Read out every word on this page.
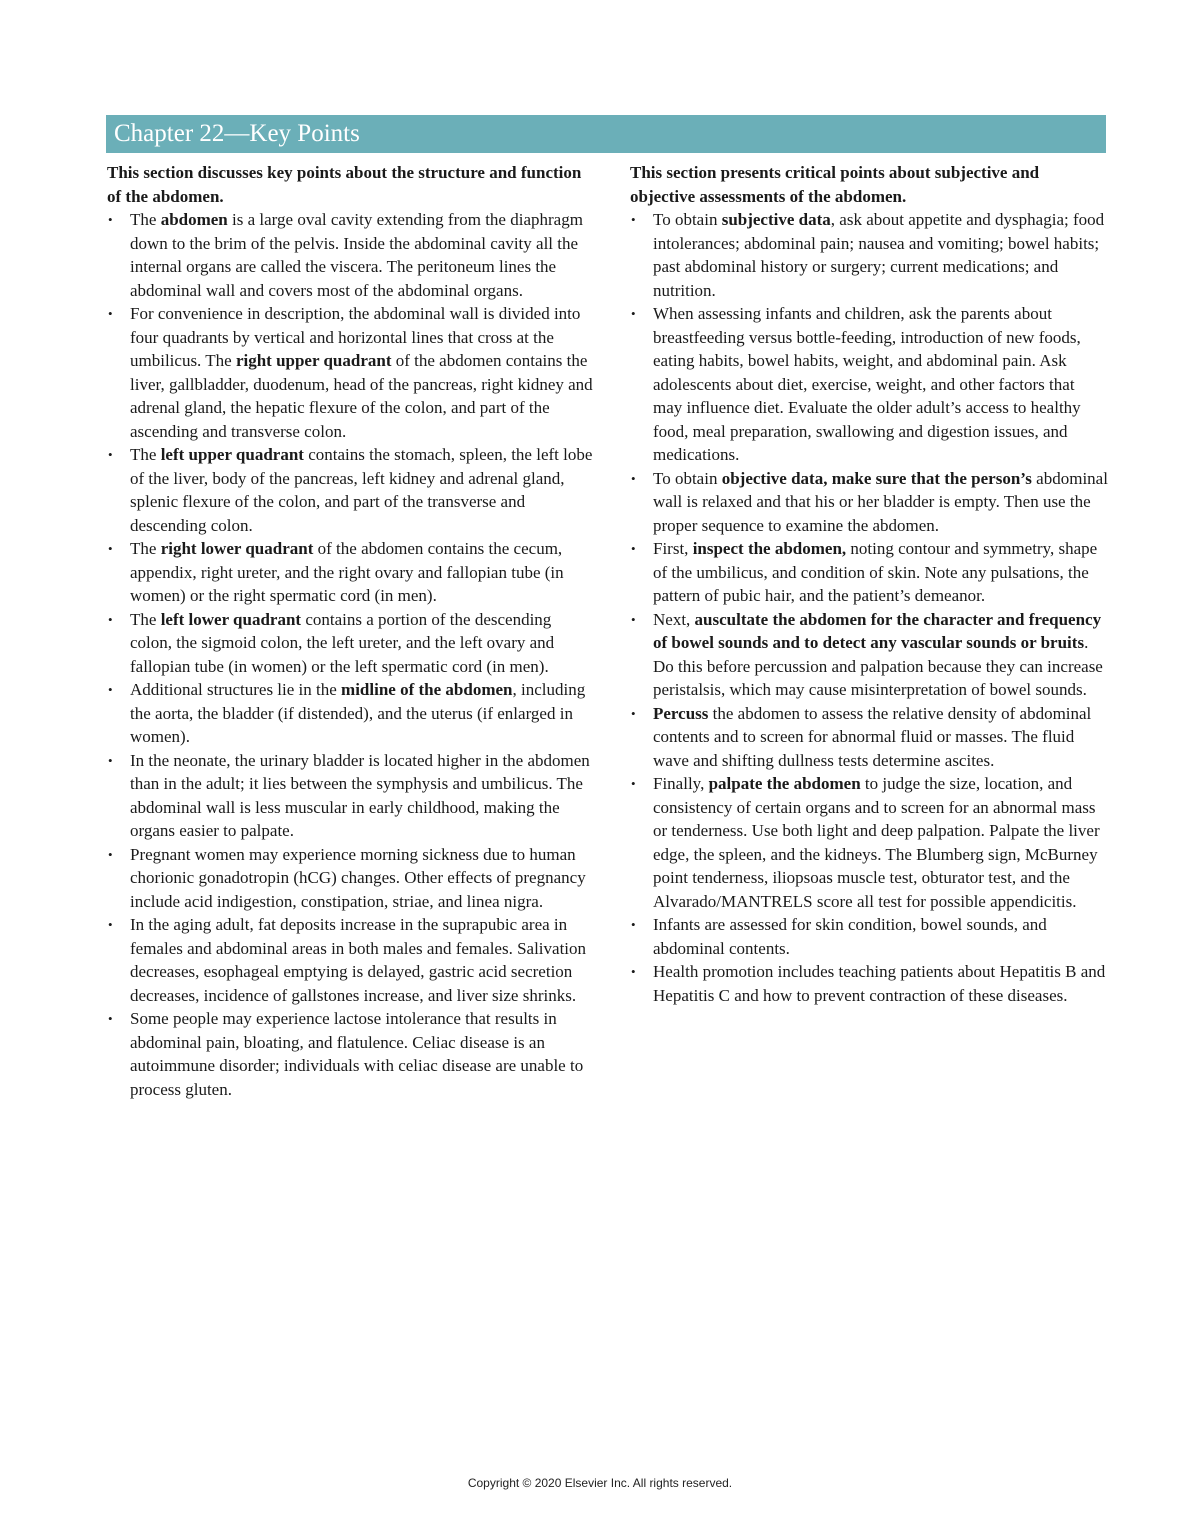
Chapter 22—Key Points

This section discusses key points about the structure and function of the abdomen.

• The abdomen is a large oval cavity extending from the diaphragm down to the brim of the pelvis. Inside the abdominal cavity all the internal organs are called the viscera. The peritoneum lines the abdominal wall and covers most of the abdominal organs.
• For convenience in description, the abdominal wall is divided into four quadrants by vertical and horizontal lines that cross at the umbilicus. The right upper quadrant of the abdomen contains the liver, gallbladder, duodenum, head of the pancreas, right kidney and adrenal gland, the hepatic flexure of the colon, and part of the ascending and transverse colon.
• The left upper quadrant contains the stomach, spleen, the left lobe of the liver, body of the pancreas, left kidney and adrenal gland, splenic flexure of the colon, and part of the transverse and descending colon.
• The right lower quadrant of the abdomen contains the cecum, appendix, right ureter, and the right ovary and fallopian tube (in women) or the right spermatic cord (in men).
• The left lower quadrant contains a portion of the descending colon, the sigmoid colon, the left ureter, and the left ovary and fallopian tube (in women) or the left spermatic cord (in men).
• Additional structures lie in the midline of the abdomen, including the aorta, the bladder (if distended), and the uterus (if enlarged in women).
• In the neonate, the urinary bladder is located higher in the abdomen than in the adult; it lies between the symphysis and umbilicus. The abdominal wall is less muscular in early childhood, making the organs easier to palpate.
• Pregnant women may experience morning sickness due to human chorionic gonadotropin (hCG) changes. Other effects of pregnancy include acid indigestion, constipation, striae, and linea nigra.
• In the aging adult, fat deposits increase in the suprapubic area in females and abdominal areas in both males and females. Salivation decreases, esophageal emptying is delayed, gastric acid secretion decreases, incidence of gallstones increase, and liver size shrinks.
• Some people may experience lactose intolerance that results in abdominal pain, bloating, and flatulence. Celiac disease is an autoimmune disorder; individuals with celiac disease are unable to process gluten.

This section presents critical points about subjective and objective assessments of the abdomen.

• To obtain subjective data, ask about appetite and dysphagia; food intolerances; abdominal pain; nausea and vomiting; bowel habits; past abdominal history or surgery; current medications; and nutrition.
• When assessing infants and children, ask the parents about breastfeeding versus bottle-feeding, introduction of new foods, eating habits, bowel habits, weight, and abdominal pain. Ask adolescents about diet, exercise, weight, and other factors that may influence diet. Evaluate the older adult’s access to healthy food, meal preparation, swallowing and digestion issues, and medications.
• To obtain objective data, make sure that the person’s abdominal wall is relaxed and that his or her bladder is empty. Then use the proper sequence to examine the abdomen.
• First, inspect the abdomen, noting contour and symmetry, shape of the umbilicus, and condition of skin. Note any pulsations, the pattern of pubic hair, and the patient’s demeanor.
• Next, auscultate the abdomen for the character and frequency of bowel sounds and to detect any vascular sounds or bruits. Do this before percussion and palpation because they can increase peristalsis, which may cause misinterpretation of bowel sounds.
• Percuss the abdomen to assess the relative density of abdominal contents and to screen for abnormal fluid or masses. The fluid wave and shifting dullness tests determine ascites.
• Finally, palpate the abdomen to judge the size, location, and consistency of certain organs and to screen for an abnormal mass or tenderness. Use both light and deep palpation. Palpate the liver edge, the spleen, and the kidneys. The Blumberg sign, McBurney point tenderness, iliopsoas muscle test, obturator test, and the Alvarado/MANTRELS score all test for possible appendicitis.
• Infants are assessed for skin condition, bowel sounds, and abdominal contents.
• Health promotion includes teaching patients about Hepatitis B and Hepatitis C and how to prevent contraction of these diseases.
Copyright © 2020 Elsevier Inc. All rights reserved.
